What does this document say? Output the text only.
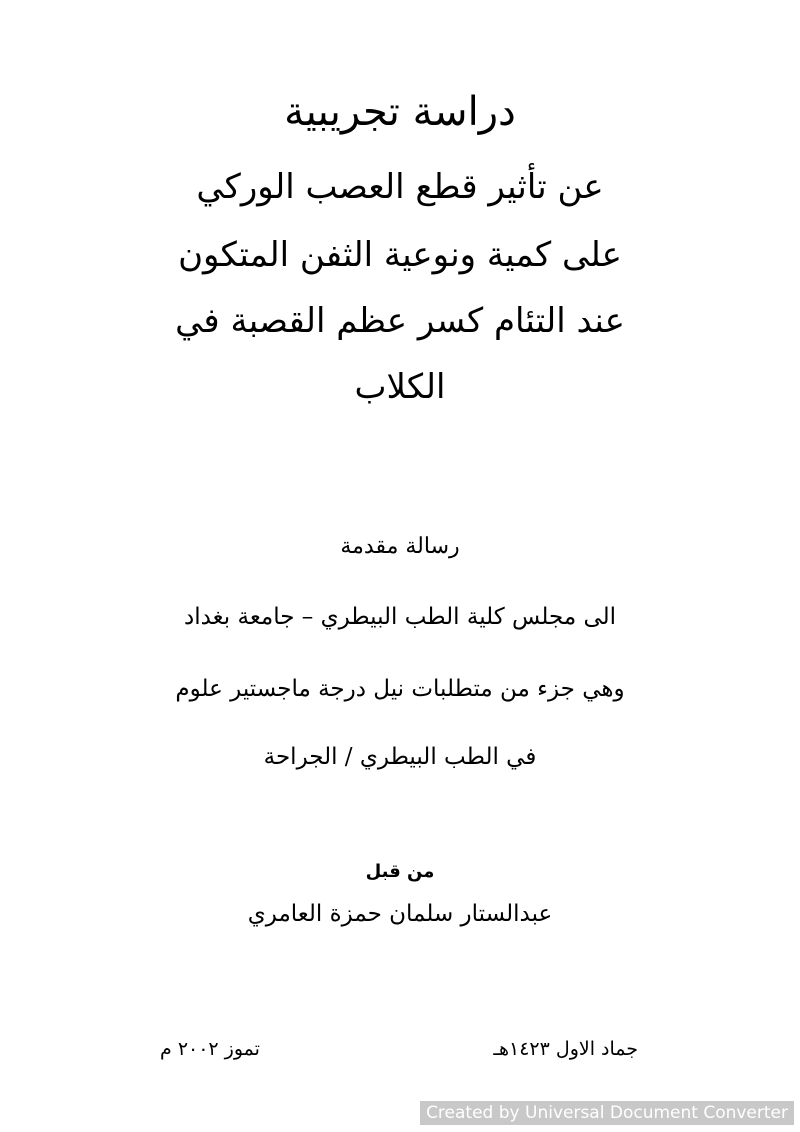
دراسة تجريبية
عن تأثير قطع العصب الوركي
على كمية ونوعية الثفن المتكون
عند التئام كسر عظم القصبة في
الكلاب
رسالة مقدمة
الى مجلس كلية الطب البيطري – جامعة بغداد
وهي جزء من متطلبات نيل درجة ماجستير علوم
في الطب البيطري / الجراحة
من قبل
عبدالستار سلمان حمزة العامري
جماد الاول ١٤٢٣هـ
تموز ٢٠٠٢ م
Created by Universal Document Converter
